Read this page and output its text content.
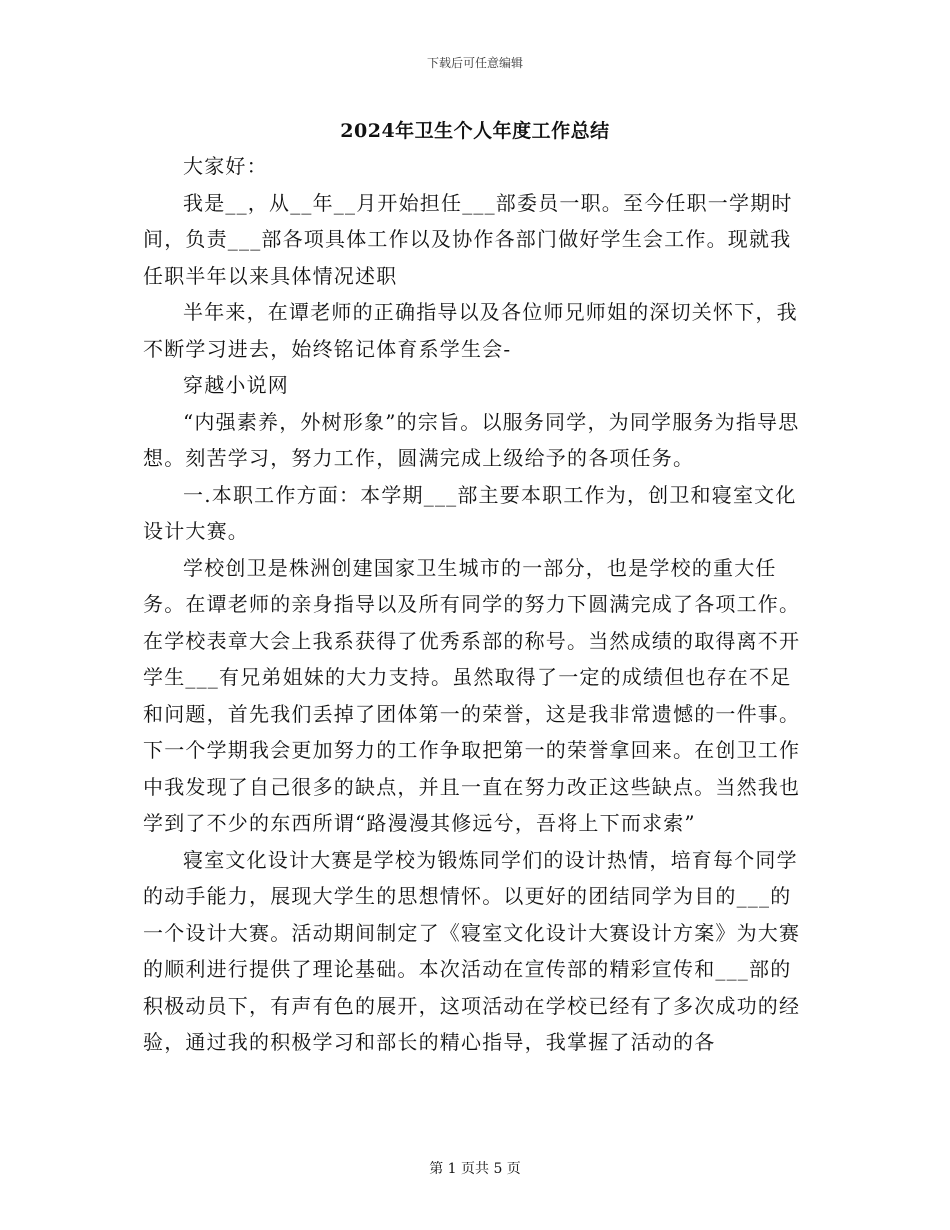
下载后可任意编辑
2024年卫生个人年度工作总结

大家好：

我是__，从__年__月开始担任___部委员一职。至今任职一学期时间，负责___部各项具体工作以及协作各部门做好学生会工作。现就我任职半年以来具体情况述职

半年来，在谭老师的正确指导以及各位师兄师姐的深切关怀下，我不断学习进去，始终铭记体育系学生会-

穿越小说网

“内强素养，外树形象”的宗旨。以服务同学，为同学服务为指导思想。刻苦学习，努力工作，圆满完成上级给予的各项任务。

一.本职工作方面：本学期___部主要本职工作为，创卫和寝室文化设计大赛。

学校创卫是株洲创建国家卫生城市的一部分，也是学校的重大任务。在谭老师的亲身指导以及所有同学的努力下圆满完成了各项工作。在学校表章大会上我系获得了优秀系部的称号。当然成绩的取得离不开学生___有兄弟姐妹的大力支持。虽然取得了一定的成绩但也存在不足和问题，首先我们丢掉了团体第一的荣誉，这是我非常遗憾的一件事。下一个学期我会更加努力的工作争取把第一的荣誉拿回来。在创卫工作中我发现了自己很多的缺点，并且一直在努力改正这些缺点。当然我也学到了不少的东西所谓“路漫漫其修远兮，吾将上下而求索”

寝室文化设计大赛是学校为锻炼同学们的设计热情，培育每个同学的动手能力，展现大学生的思想情怀。以更好的团结同学为目的___的一个设计大赛。活动期间制定了《寝室文化设计大赛设计方案》为大赛的顺利进行提供了理论基础。本次活动在宣传部的精彩宣传和___部的积极动员下，有声有色的展开，这项活动在学校已经有了多次成功的经验，通过我的积极学习和部长的精心指导，我掌握了活动的各

第 1 页共 5 页
